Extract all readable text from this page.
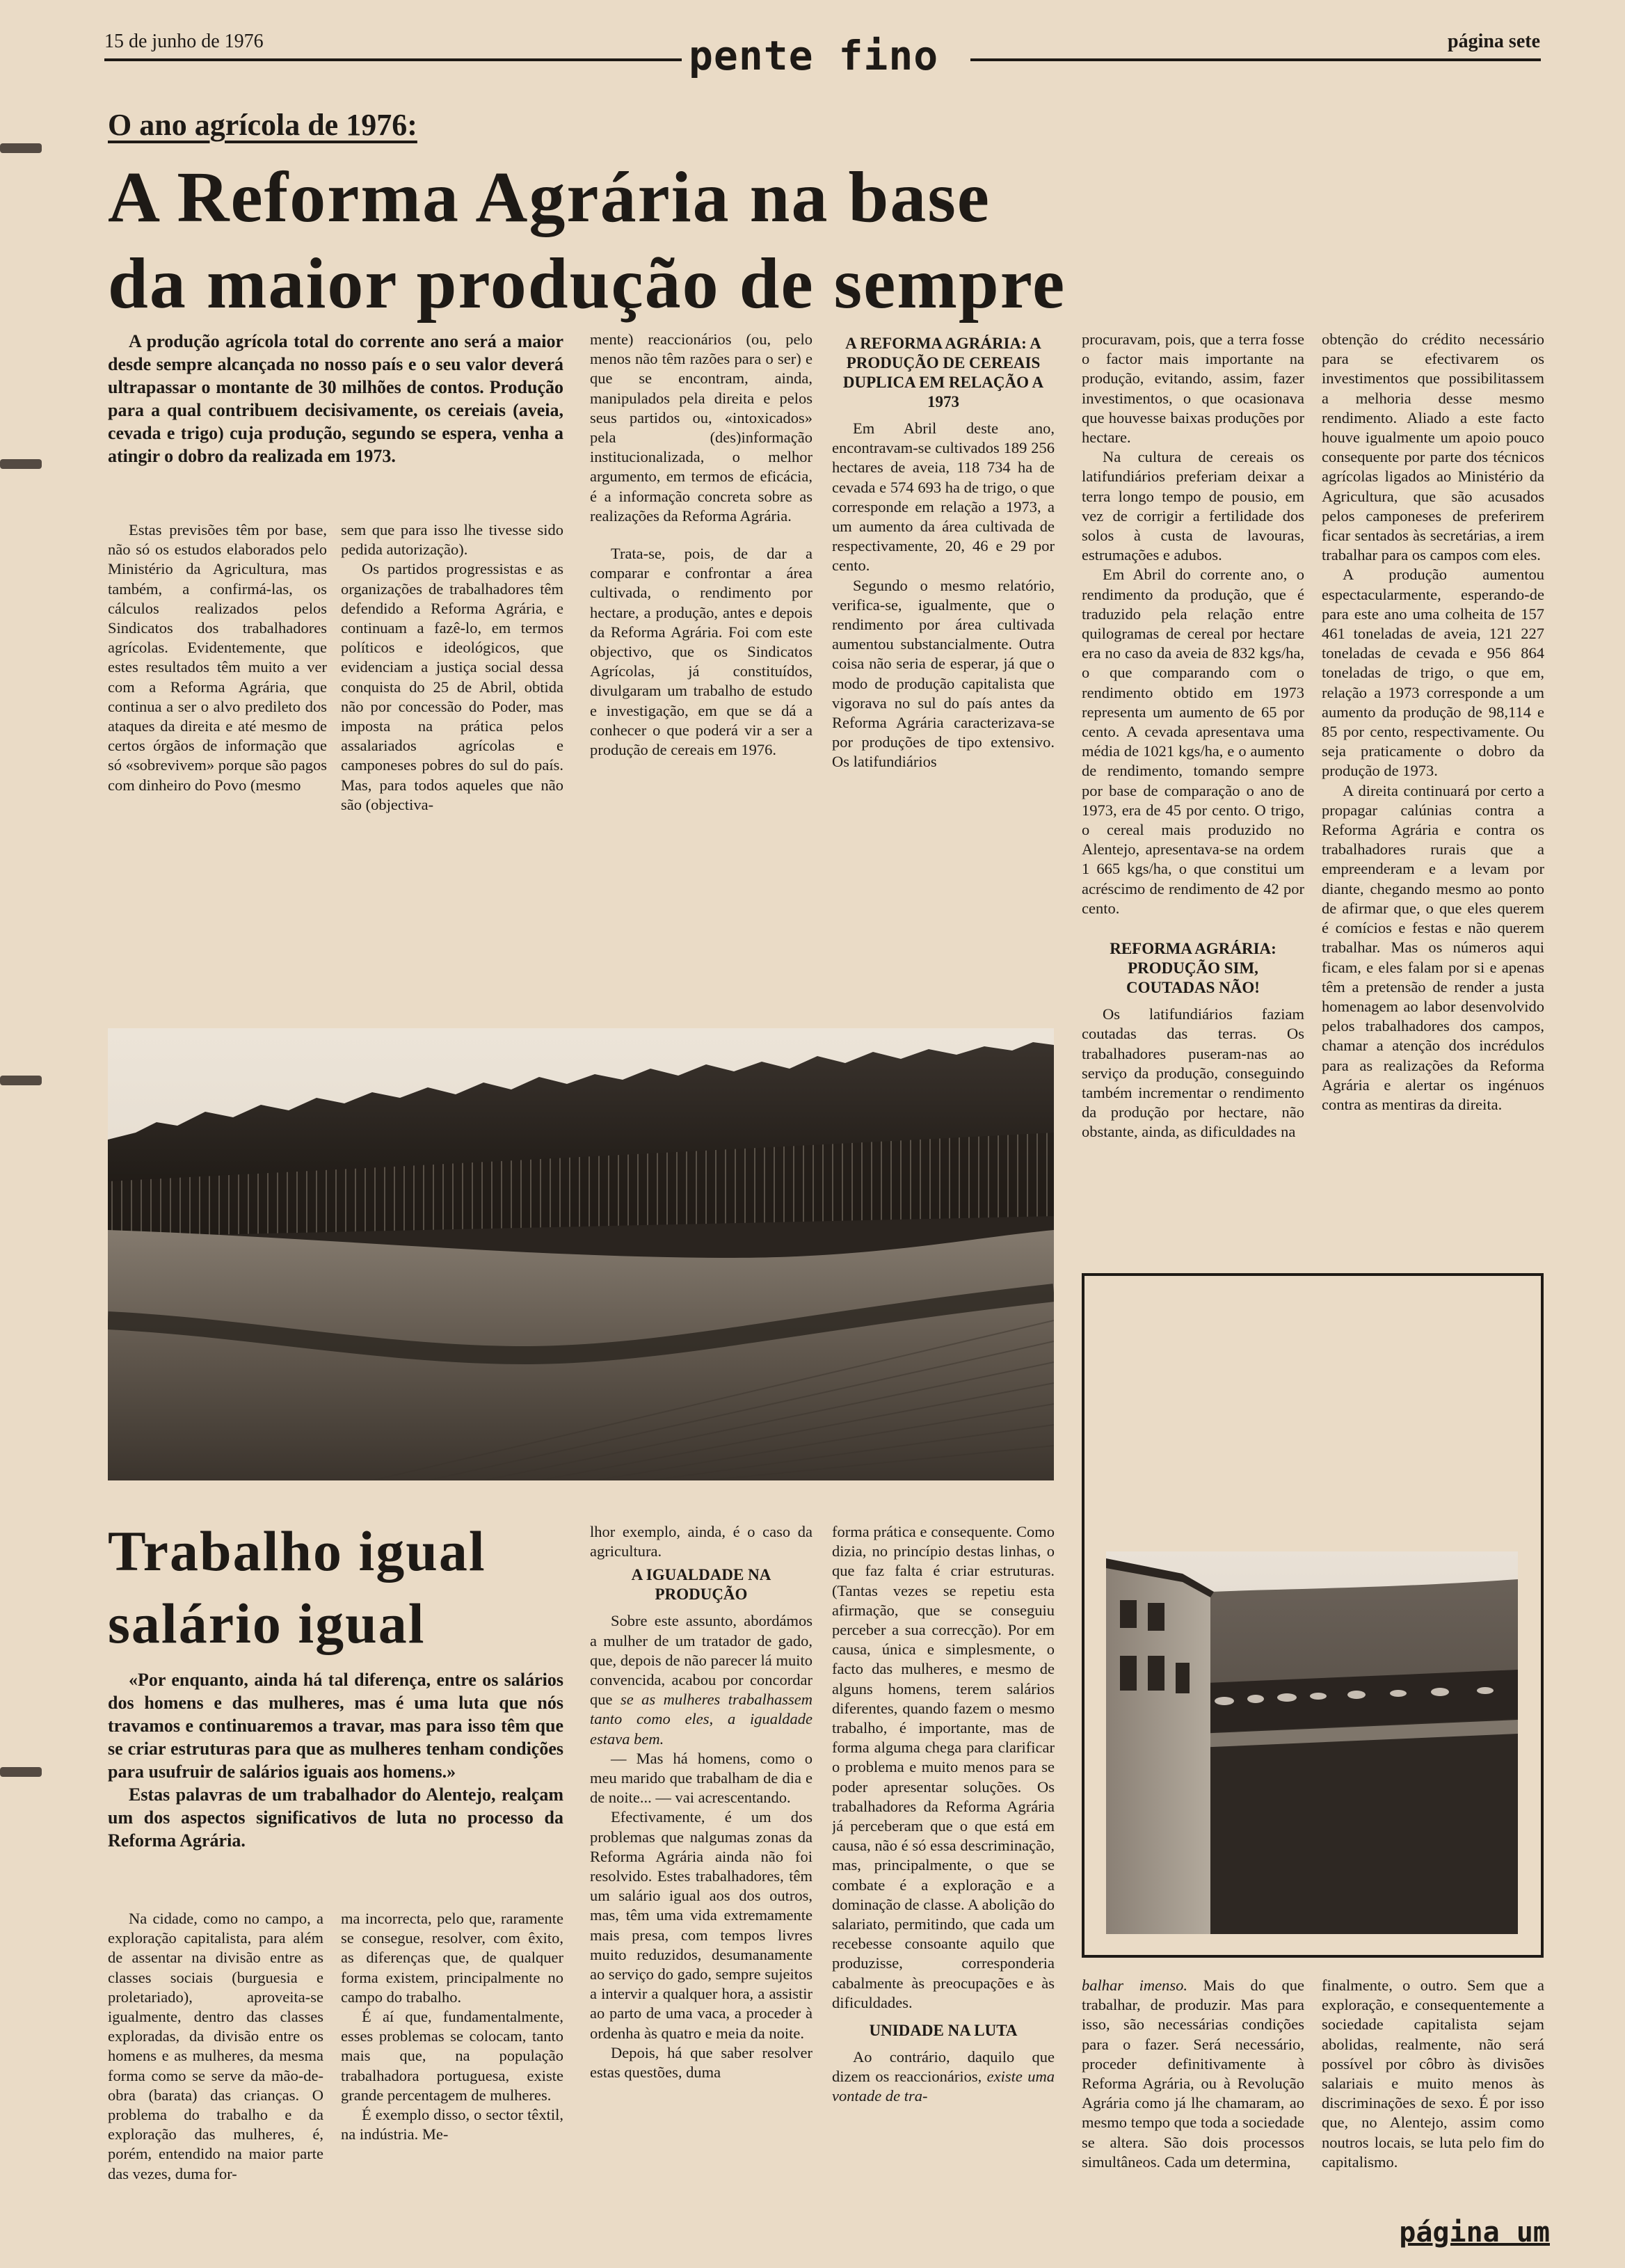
15 de junho de 1976	pente fino	página sete
O ano agrícola de 1976:
A Reforma Agrária na base
da maior produção de sempre

A produção agrícola total do corrente ano será a maior desde sempre alcançada no nosso país e o seu valor deverá ultrapassar o montante de 30 milhões de contos. Produção para a qual contribuem decisivamente, os cereiais (aveia, cevada e trigo) cuja produção, segundo se espera, venha a atingir o dobro da realizada em 1973.

Estas previsões têm por base, não só os estudos elaborados pelo Ministério da Agricultura, mas também, a confirmá-las, os cálculos realizados pelos Sindicatos dos trabalhadores agrícolas. Evidentemente, que estes resultados têm muito a ver com a Reforma Agrária, que continua a ser o alvo predileto dos ataques da direita e até mesmo de certos órgãos de informação que só «sobrevivem» porque são pagos com dinheiro do Povo (mesmo

sem que para isso lhe tivesse sido pedida autorização).

Os partidos progressistas e as organizações de trabalhadores têm defendido a Reforma Agrária, e continuam a fazê-lo, em termos políticos e ideológicos, que evidenciam a justiça social dessa conquista do 25 de Abril, obtida não por concessão do Poder, mas imposta na prática pelos assalariados agrícolas e camponeses pobres do sul do país. Mas, para todos aqueles que não são (objectiva-

mente) reaccionários (ou, pelo menos não têm razões para o ser) e que se encontram, ainda, manipulados pela direita e pelos seus partidos ou, «intoxicados» pela (des)informação institucionalizada, o melhor argumento, em termos de eficácia, é a informação concreta sobre as realizações da Reforma Agrária.

Trata-se, pois, de dar a comparar e confrontar a área cultivada, o rendimento por hectare, a produção, antes e depois da Reforma Agrária. Foi com este objectivo, que os Sindicatos Agrícolas, já constituídos, divulgaram um trabalho de estudo e investigação, em que se dá a conhecer o que poderá vir a ser a produção de cereais em 1976.

A REFORMA AGRÁRIA: A PRODUÇÃO DE CEREAIS DUPLICA EM RELAÇÃO A 1973

Em Abril deste ano, encontravam-se cultivados 189 256 hectares de aveia, 118 734 ha de cevada e 574 693 ha de trigo, o que corresponde em relação a 1973, a um aumento da área cultivada de respectivamente, 20, 46 e 29 por cento.

Segundo o mesmo relatório, verifica-se, igualmente, que o rendimento por área cultivada aumentou substancialmente. Outra coisa não seria de esperar, já que o modo de produção capitalista que vigorava no sul do país antes da Reforma Agrária caracterizava-se por produções de tipo extensivo. Os latifundiários

procuravam, pois, que a terra fosse o factor mais importante na produção, evitando, assim, fazer investimentos, o que ocasionava que houvesse baixas produções por hectare.

Na cultura de cereais os latifundiários preferiam deixar a terra longo tempo de pousio, em vez de corrigir a fertilidade dos solos à custa de lavouras, estrumações e adubos.

Em Abril do corrente ano, o rendimento da produção, que é traduzido pela relação entre quilogramas de cereal por hectare era no caso da aveia de 832 kgs/ha, o que comparando com o rendimento obtido em 1973 representa um aumento de 65 por cento. A cevada apresentava uma média de 1021 kgs/ha, e o aumento de rendimento, tomando sempre por base de comparação o ano de 1973, era de 45 por cento. O trigo, o cereal mais produzido no Alentejo, apresentava-se na ordem 1 665 kgs/ha, o que constitui um acréscimo de rendimento de 42 por cento.

REFORMA AGRÁRIA: PRODUÇÃO SIM, COUTADAS NÃO!

Os latifundiários faziam coutadas das terras. Os trabalhadores puseram-nas ao serviço da produção, conseguindo também incrementar o rendimento da produção por hectare, não obstante, ainda, as dificuldades na

obtenção do crédito necessário para se efectivarem os investimentos que possibilitassem a melhoria desse mesmo rendimento. Aliado a este facto houve igualmente um apoio pouco consequente por parte dos técnicos agrícolas ligados ao Ministério da Agricultura, que são acusados pelos camponeses de preferirem ficar sentados às secretárias, a irem trabalhar para os campos com eles.

A produção aumentou espectacularmente, esperando-de para este ano uma colheita de 157 461 toneladas de aveia, 121 227 toneladas de cevada e 956 864 toneladas de trigo, o que em, relação a 1973 corresponde a um aumento da produção de 98,114 e 85 por cento, respectivamente. Ou seja praticamente o dobro da produção de 1973.

A direita continuará por certo a propagar calúnias contra a Reforma Agrária e contra os trabalhadores rurais que a empreenderam e a levam por diante, chegando mesmo ao ponto de afirmar que, o que eles querem é comícios e festas e não querem trabalhar. Mas os números aqui ficam, e eles falam por si e apenas têm a pretensão de render a justa homenagem ao labor desenvolvido pelos trabalhadores dos campos, chamar a atenção dos incrédulos para as realizações da Reforma Agrária e alertar os ingénuos contra as mentiras da direita.

Trabalho igual
salário igual

«Por enquanto, ainda há tal diferença, entre os salários dos homens e das mulheres, mas é uma luta que nós travamos e continuaremos a travar, mas para isso têm que se criar estruturas para que as mulheres tenham condições para usufruir de salários iguais aos homens.»

Estas palavras de um trabalhador do Alentejo, realçam um dos aspectos significativos de luta no processo da Reforma Agrária.

Na cidade, como no campo, a exploração capitalista, para além de assentar na divisão entre as classes sociais (burguesia e proletariado), aproveita-se igualmente, dentro das classes exploradas, da divisão entre os homens e as mulheres, da mesma forma como se serve da mão-de-obra (barata) das crianças. O problema do trabalho e da exploração das mulheres, é, porém, entendido na maior parte das vezes, duma for-

ma incorrecta, pelo que, raramente se consegue, resolver, com êxito, as diferenças que, de qualquer forma existem, principalmente no campo do trabalho.

É aí que, fundamentalmente, esses problemas se colocam, tanto mais que, na população trabalhadora portuguesa, existe grande percentagem de mulheres.

É exemplo disso, o sector têxtil, na indústria. Me-

lhor exemplo, ainda, é o caso da agricultura.

A IGUALDADE NA PRODUÇÃO

Sobre este assunto, abordámos a mulher de um tratador de gado, que, depois de não parecer lá muito convencida, acabou por concordar que se as mulheres trabalhassem tanto como eles, a igualdade estava bem.

— Mas há homens, como o meu marido que trabalham de dia e de noite... — vai acrescentando.

Efectivamente, é um dos problemas que nalgumas zonas da Reforma Agrária ainda não foi resolvido. Estes trabalhadores, têm um salário igual aos dos outros, mas, têm uma vida extremamente mais presa, com tempos livres muito reduzidos, desumanamente ao serviço do gado, sempre sujeitos a intervir a qualquer hora, a assistir ao parto de uma vaca, a proceder à ordenha às quatro e meia da noite.

Depois, há que saber resolver estas questões, duma

forma prática e consequente. Como dizia, no princípio destas linhas, o que faz falta é criar estruturas. (Tantas vezes se repetiu esta afirmação, que se conseguiu perceber a sua correcção). Por em causa, única e simplesmente, o facto das mulheres, e mesmo de alguns homens, terem salários diferentes, quando fazem o mesmo trabalho, é importante, mas de forma alguma chega para clarificar o problema e muito menos para se poder apresentar soluções. Os trabalhadores da Reforma Agrária já perceberam que o que está em causa, não é só essa descriminação, mas, principalmente, o que se combate é a exploração e a dominação de classe. A abolição do salariato, permitindo, que cada um recebesse consoante aquilo que produzisse, corresponderia cabalmente às preocupações e às dificuldades.

UNIDADE NA LUTA

Ao contrário, daquilo que dizem os reaccionários, existe uma vontade de tra-

balhar imenso. Mais do que trabalhar, de produzir. Mas para isso, são necessárias condições para o fazer. Será necessário, proceder definitivamente à Reforma Agrária, ou à Revolução Agrária como já lhe chamaram, ao mesmo tempo que toda a sociedade se altera. São dois processos simultâneos. Cada um determina,

finalmente, o outro. Sem que a exploração, e consequentemente a sociedade capitalista sejam abolidas, realmente, não será possível por côbro às divisões salariais e muito menos às discriminações de sexo. É por isso que, no Alentejo, assim como noutros locais, se luta pelo fim do capitalismo.

página um
